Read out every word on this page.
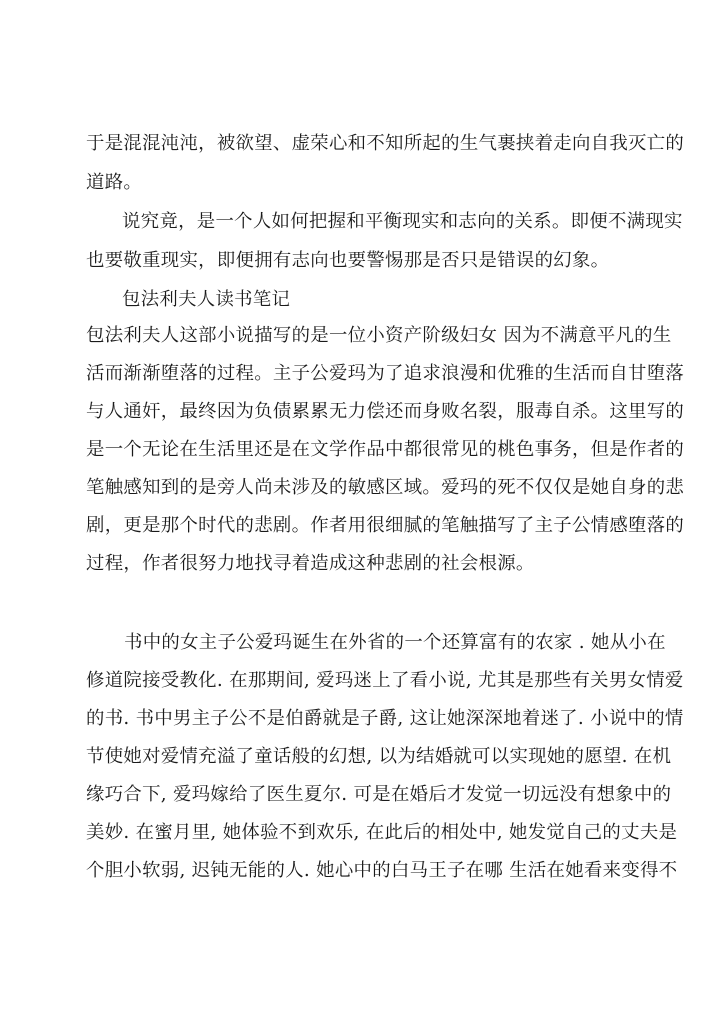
于是混混沌沌，被欲望、虚荣心和不知所起的生气裹挟着走向自我灭亡的
道路。
说究竟，是一个人如何把握和平衡现实和志向的关系。即便不满现实
也要敬重现实，即便拥有志向也要警惕那是否只是错误的幻象。
包法利夫人读书笔记
包法利夫人这部小说描写的是一位小资产阶级妇女 因为不满意平凡的生
活而渐渐堕落的过程。主子公爱玛为了追求浪漫和优雅的生活而自甘堕落
与人通奸，最终因为负债累累无力偿还而身败名裂，服毒自杀。这里写的
是一个无论在生活里还是在文学作品中都很常见的桃色事务，但是作者的
笔触感知到的是旁人尚未涉及的敏感区域。爱玛的死不仅仅是她自身的悲
剧，更是那个时代的悲剧。作者用很细腻的笔触描写了主子公情感堕落的
过程，作者很努力地找寻着造成这种悲剧的社会根源。
书中的女主子公爱玛诞生在外省的一个还算富有的农家 . 她从小在
修道院接受教化. 在那期间, 爱玛迷上了看小说, 尤其是那些有关男女情爱
的书. 书中男主子公不是伯爵就是子爵, 这让她深深地着迷了. 小说中的情
节使她对爱情充溢了童话般的幻想, 以为结婚就可以实现她的愿望. 在机
缘巧合下, 爱玛嫁给了医生夏尔. 可是在婚后才发觉一切远没有想象中的
美妙. 在蜜月里, 她体验不到欢乐, 在此后的相处中, 她发觉自己的丈夫是
个胆小软弱, 迟钝无能的人. 她心中的白马王子在哪 生活在她看来变得不
